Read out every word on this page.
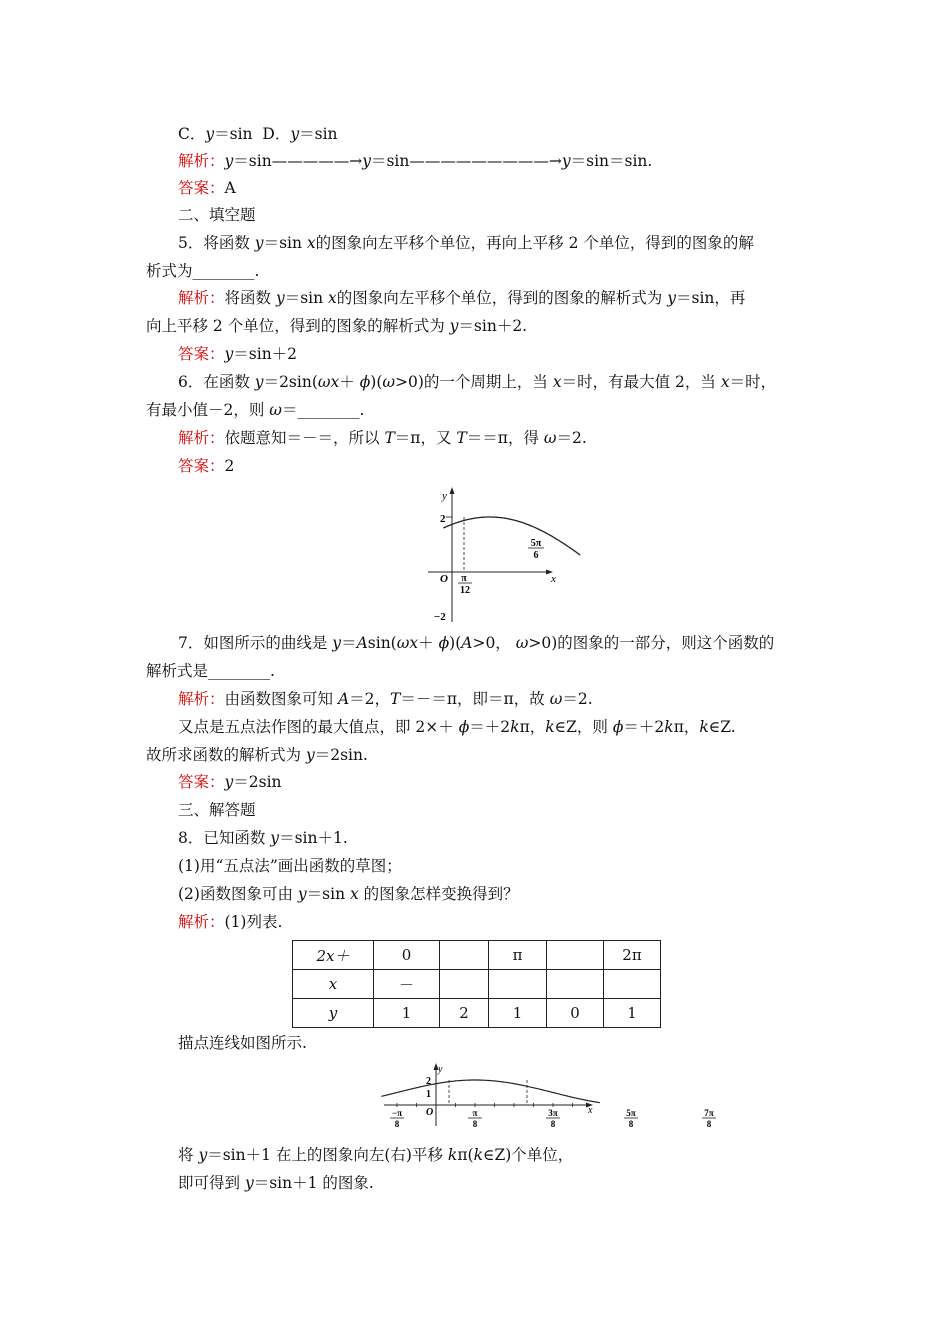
C．y＝sin D．y＝sin
解析：y＝sin—————→y＝sin—————————→y＝sin＝sin.
答案：A
二、填空题
5．将函数 y＝sin x的图象向左平移个单位，再向上平移 2 个单位，得到的图象的解
析式为________.
解析：将函数 y＝sin x的图象向左平移个单位，得到的图象的解析式为 y＝sin，再
向上平移 2 个单位，得到的图象的解析式为 y＝sin＋2.
答案：y＝sin＋2
6．在函数 y＝2sin(ωx＋ ϕ)(ω>0)的一个周期上，当 x＝时，有最大值 2，当 x＝时，
有最小值－2，则 ω＝________.
解析：依题意知＝－＝，所以 T＝π，又 T＝＝π，得 ω＝2.
答案：2
y
x
O
2
−2
π
12
5π
6
7．如图所示的曲线是 y＝Asin(ωx＋ ϕ)(A>0， ω>0)的图象的一部分，则这个函数的
解析式是________.
解析：由函数图象可知 A＝2，T＝－＝π，即＝π，故 ω＝2.
又点是五点法作图的最大值点，即 2×＋ ϕ＝＋2kπ，k∈Z，则 ϕ＝＋2kπ，k∈Z.
故所求函数的解析式为 y＝2sin.
答案：y＝2sin
三、解答题
8．已知函数 y＝sin＋1.
(1)用“五点法”画出函数的草图；
(2)函数图象可由 y＝sin x 的图象怎样变换得到？
解析：(1)列表.
2x＋	0		π		2π
x	－				
y	1	2	1	0	1
描点连线如图所示.
y
x
O
2
1
−π
8
π
8
3π
8
5π
8
7π
8
将 y＝sin＋1 在上的图象向左(右)平移 kπ(k∈Z)个单位，
即可得到 y＝sin＋1 的图象.
